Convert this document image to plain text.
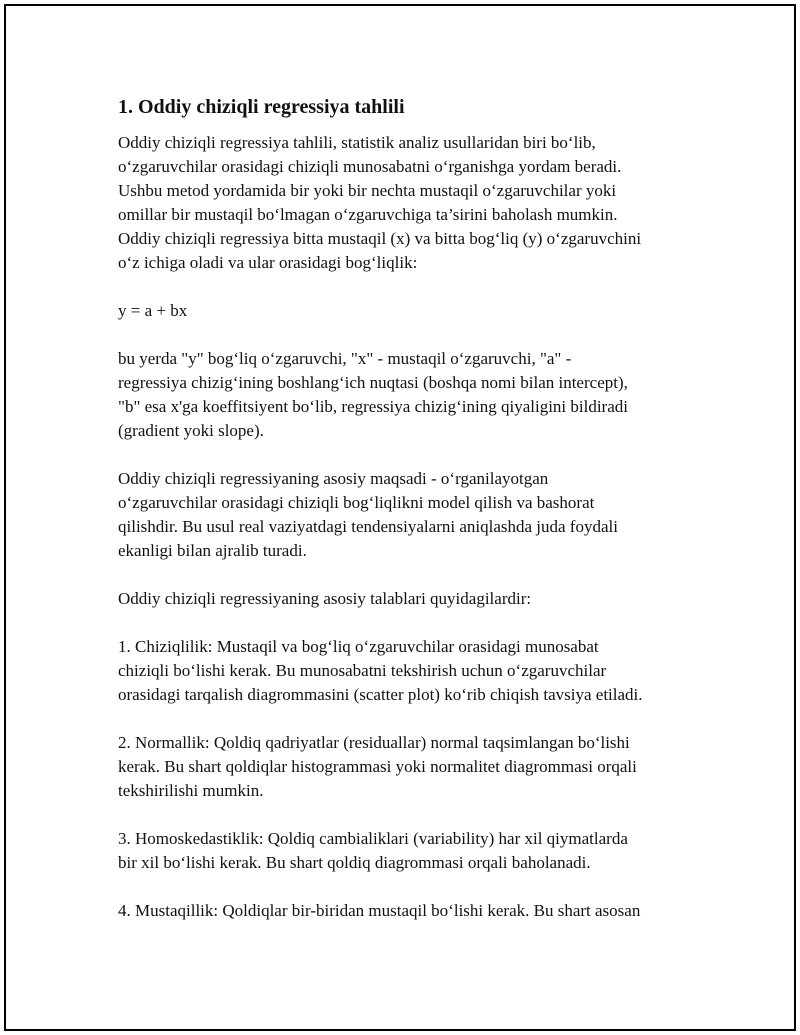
1. Oddiy chiziqli regressiya tahlili

Oddiy chiziqli regressiya tahlili, statistik analiz usullaridan biri bo‘lib,
o‘zgaruvchilar orasidagi chiziqli munosabatni o‘rganishga yordam beradi.
Ushbu metod yordamida bir yoki bir nechta mustaqil o‘zgaruvchilar yoki
omillar bir mustaqil bo‘lmagan o‘zgaruvchiga ta’sirini baholash mumkin.
Oddiy chiziqli regressiya bitta mustaqil (x) va bitta bog‘liq (y) o‘zgaruvchini
o‘z ichiga oladi va ular orasidagi bog‘liqlik:

y = a + bx

bu yerda "y" bog‘liq o‘zgaruvchi, "x" - mustaqil o‘zgaruvchi, "a" -
regressiya chizig‘ining boshlang‘ich nuqtasi (boshqa nomi bilan intercept),
"b" esa x'ga koeffitsiyent bo‘lib, regressiya chizig‘ining qiyaligini bildiradi
(gradient yoki slope).

Oddiy chiziqli regressiyaning asosiy maqsadi - o‘rganilayotgan
o‘zgaruvchilar orasidagi chiziqli bog‘liqlikni model qilish va bashorat
qilishdir. Bu usul real vaziyatdagi tendensiyalarni aniqlashda juda foydali
ekanligi bilan ajralib turadi.

Oddiy chiziqli regressiyaning asosiy talablari quyidagilardir:

1. Chiziqlilik: Mustaqil va bog‘liq o‘zgaruvchilar orasidagi munosabat
chiziqli bo‘lishi kerak. Bu munosabatni tekshirish uchun o‘zgaruvchilar
orasidagi tarqalish diagrommasini (scatter plot) ko‘rib chiqish tavsiya etiladi.

2. Normallik: Qoldiq qadriyatlar (residuallar) normal taqsimlangan bo‘lishi
kerak. Bu shart qoldiqlar histogrammasi yoki normalitet diagrommasi orqali
tekshirilishi mumkin.

3. Homoskedastiklik: Qoldiq cambialiklari (variability) har xil qiymatlarda
bir xil bo‘lishi kerak. Bu shart qoldiq diagrommasi orqali baholanadi.

4. Mustaqillik: Qoldiqlar bir-biridan mustaqil bo‘lishi kerak. Bu shart asosan
